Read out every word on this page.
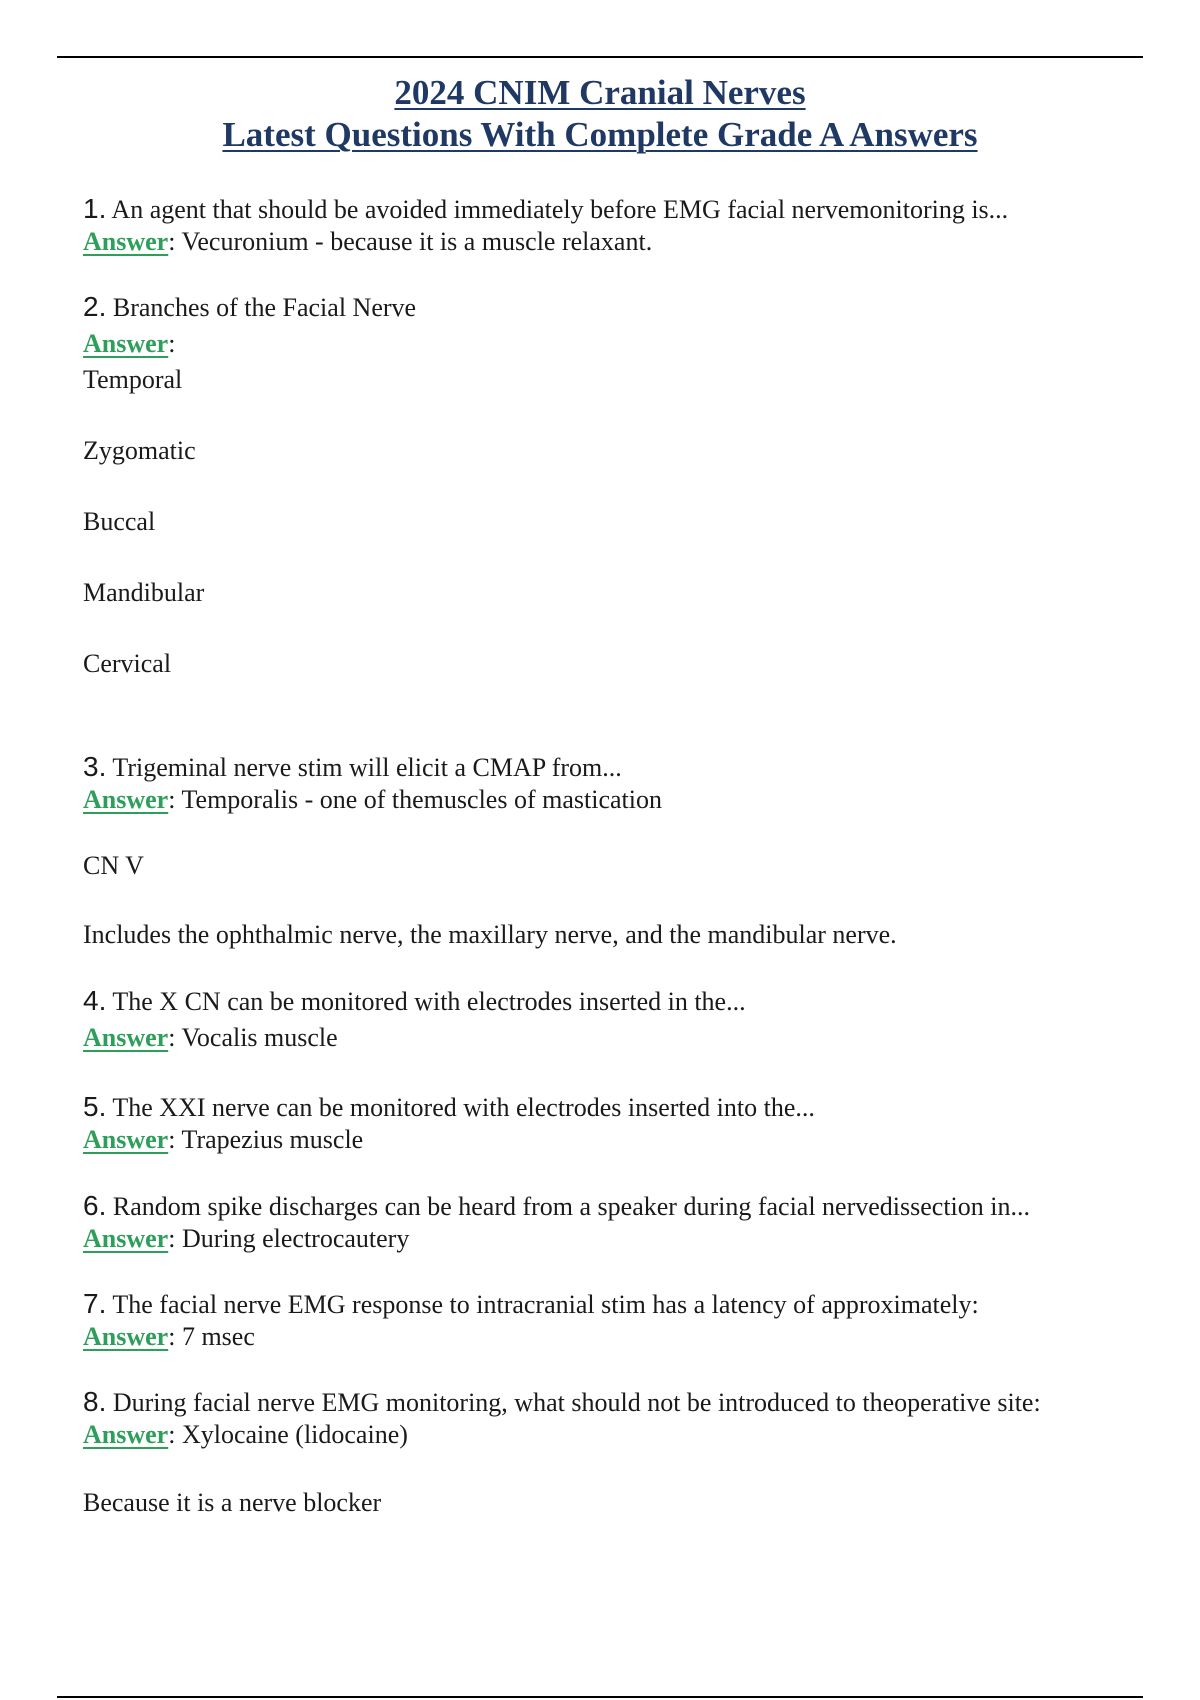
2024 CNIM Cranial Nerves
Latest Questions With Complete Grade A Answers
1. An agent that should be avoided immediately before EMG facial nervemonitoring is...
Answer: Vecuronium - because it is a muscle relaxant.
2. Branches of the Facial Nerve
Answer:
Temporal
Zygomatic
Buccal
Mandibular
Cervical
3. Trigeminal nerve stim will elicit a CMAP from...
Answer: Temporalis - one of themuscles of mastication
CN V
Includes the ophthalmic nerve, the maxillary nerve, and the mandibular nerve.
4. The X CN can be monitored with electrodes inserted in the...
Answer: Vocalis muscle
5. The XXI nerve can be monitored with electrodes inserted into the...
Answer: Trapezius muscle
6. Random spike discharges can be heard from a speaker during facial nervedissection in...
Answer: During electrocautery
7. The facial nerve EMG response to intracranial stim has a latency of approximately:
Answer: 7 msec
8. During facial nerve EMG monitoring, what should not be introduced to theoperative site:
Answer: Xylocaine (lidocaine)
Because it is a nerve blocker
